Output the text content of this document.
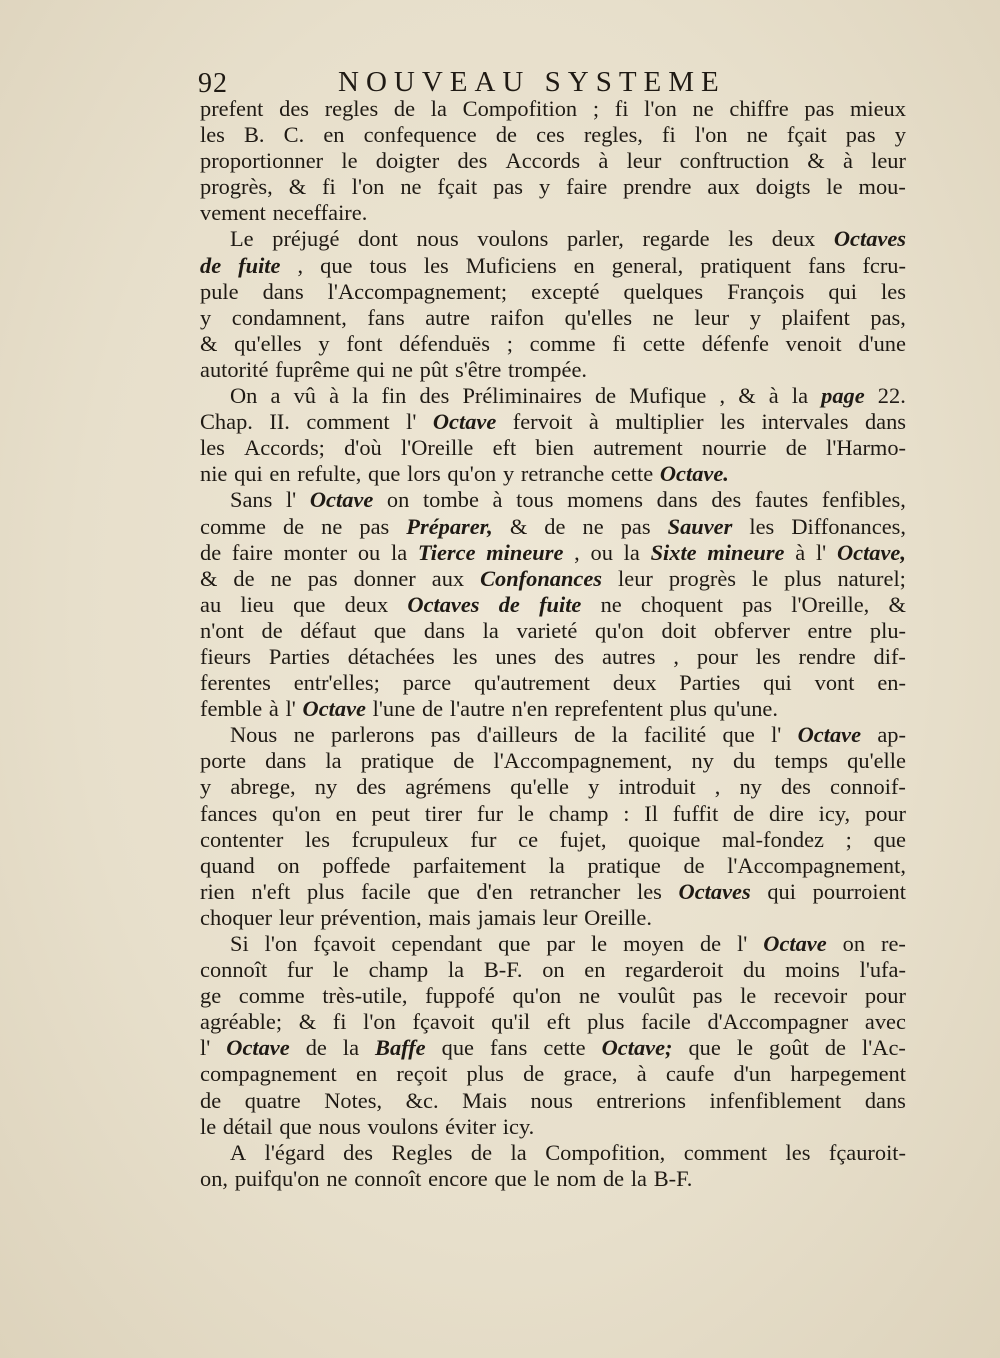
92	NOUVEAU SYSTEME
prefent des regles de la Compofition ; fi l'on ne chiffre pas mieux
les B. C. en confequence de ces regles, fi l'on ne fçait pas y
proportionner le doigter des Accords à leur conftruction & à leur
progrès, & fi l'on ne fçait pas y faire prendre aux doigts le mou-
vement neceffaire.
Le préjugé dont nous voulons parler, regarde les deux Octaves
de fuite , que tous les Muficiens en general, pratiquent fans fcru-
pule dans l'Accompagnement; excepté quelques François qui les
y condamnent, fans autre raifon qu'elles ne leur y plaifent pas,
& qu'elles y font défenduës ; comme fi cette défenfe venoit d'une
autorité fuprême qui ne pût s'être trompée.
On a vû à la fin des Préliminaires de Mufique , & à la page 22.
Chap. II. comment l' Octave fervoit à multiplier les intervales dans
les Accords; d'où l'Oreille eft bien autrement nourrie de l'Harmo-
nie qui en refulte, que lors qu'on y retranche cette Octave.
Sans l' Octave on tombe à tous momens dans des fautes fenfibles,
comme de ne pas Préparer, & de ne pas Sauver les Diffonances,
de faire monter ou la Tierce mineure , ou la Sixte mineure à l' Octave,
& de ne pas donner aux Confonances leur progrès le plus naturel;
au lieu que deux Octaves de fuite ne choquent pas l'Oreille, &
n'ont de défaut que dans la varieté qu'on doit obferver entre plu-
fieurs Parties détachées les unes des autres , pour les rendre dif-
ferentes entr'elles; parce qu'autrement deux Parties qui vont en-
femble à l' Octave l'une de l'autre n'en reprefentent plus qu'une.
Nous ne parlerons pas d'ailleurs de la facilité que l' Octave ap-
porte dans la pratique de l'Accompagnement, ny du temps qu'elle
y abrege, ny des agrémens qu'elle y introduit , ny des connoif-
fances qu'on en peut tirer fur le champ : Il fuffit de dire icy, pour
contenter les fcrupuleux fur ce fujet, quoique mal-fondez ; que
quand on poffede parfaitement la pratique de l'Accompagnement,
rien n'eft plus facile que d'en retrancher les Octaves qui pourroient
choquer leur prévention, mais jamais leur Oreille.
Si l'on fçavoit cependant que par le moyen de l' Octave on re-
connoît fur le champ la B-F. on en regarderoit du moins l'ufa-
ge comme très-utile, fuppofé qu'on ne voulût pas le recevoir pour
agréable; & fi l'on fçavoit qu'il eft plus facile d'Accompagner avec
l' Octave de la Baffe que fans cette Octave; que le goût de l'Ac-
compagnement en reçoit plus de grace, à caufe d'un harpegement
de quatre Notes, &c. Mais nous entrerions infenfiblement dans
le détail que nous voulons éviter icy.
A l'égard des Regles de la Compofition, comment les fçauroit-
on, puifqu'on ne connoît encore que le nom de la B-F.
